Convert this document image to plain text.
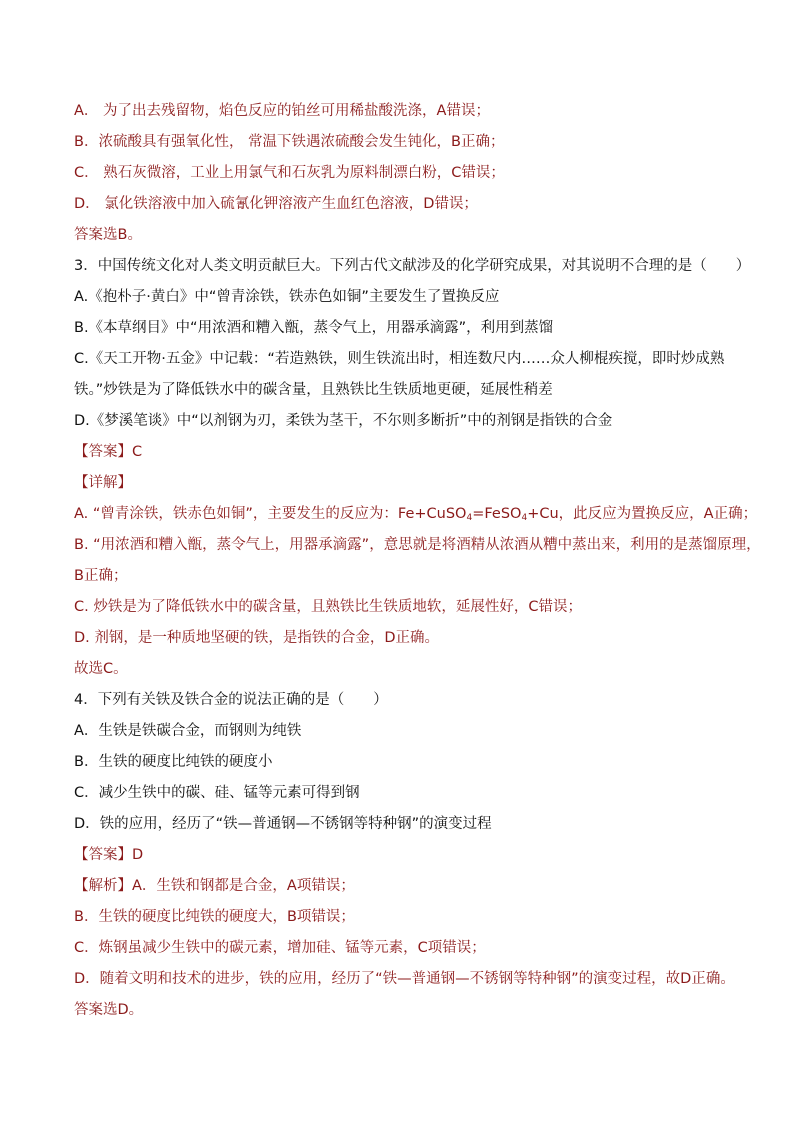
A． 为了出去残留物，焰色反应的铂丝可用稀盐酸洗涤，A错误；
B．浓硫酸具有强氧化性， 常温下铁遇浓硫酸会发生钝化，B正确；
C． 熟石灰微溶，工业上用氯气和石灰乳为原料制漂白粉，C错误；
D． 氯化铁溶液中加入硫氰化钾溶液产生血红色溶液，D错误；
答案选B。
3．中国传统文化对人类文明贡献巨大。下列古代文献涉及的化学研究成果，对其说明不合理的是（　　）
A.《抱朴子·黄白》中“曾青涂铁，铁赤色如铜”主要发生了置换反应
B.《本草纲目》中“用浓酒和糟入甑，蒸令气上，用器承滴露”，利用到蒸馏
C.《天工开物·五金》中记载：“若造熟铁，则生铁流出时，相连数尺内……众人柳棍疾搅，即时炒成熟
铁。”炒铁是为了降低铁水中的碳含量，且熟铁比生铁质地更硬，延展性稍差
D.《梦溪笔谈》中“以剂钢为刃，柔铁为茎干，不尔则多断折”中的剂钢是指铁的合金
【答案】C
【详解】
A. “曾青涂铁，铁赤色如铜”，主要发生的反应为：Fe+CuSO$_4$=FeSO$_4$+Cu，此反应为置换反应，A正确；
B. “用浓酒和糟入甑，蒸令气上，用器承滴露”，意思就是将酒精从浓酒从糟中蒸出来，利用的是蒸馏原理，
B正确；
C. 炒铁是为了降低铁水中的碳含量，且熟铁比生铁质地软，延展性好，C错误；
D. 剂钢，是一种质地坚硬的铁，是指铁的合金，D正确。
故选C。
4．下列有关铁及铁合金的说法正确的是（　　）
A．生铁是铁碳合金，而钢则为纯铁
B．生铁的硬度比纯铁的硬度小
C．减少生铁中的碳、硅、锰等元素可得到钢
D．铁的应用，经历了“铁—普通钢—不锈钢等特种钢”的演变过程
【答案】D
【解析】A．生铁和钢都是合金，A项错误；
B．生铁的硬度比纯铁的硬度大，B项错误；
C．炼钢虽减少生铁中的碳元素，增加硅、锰等元素，C项错误；
D．随着文明和技术的进步，铁的应用，经历了“铁—普通钢—不锈钢等特种钢”的演变过程，故D正确。
答案选D。
